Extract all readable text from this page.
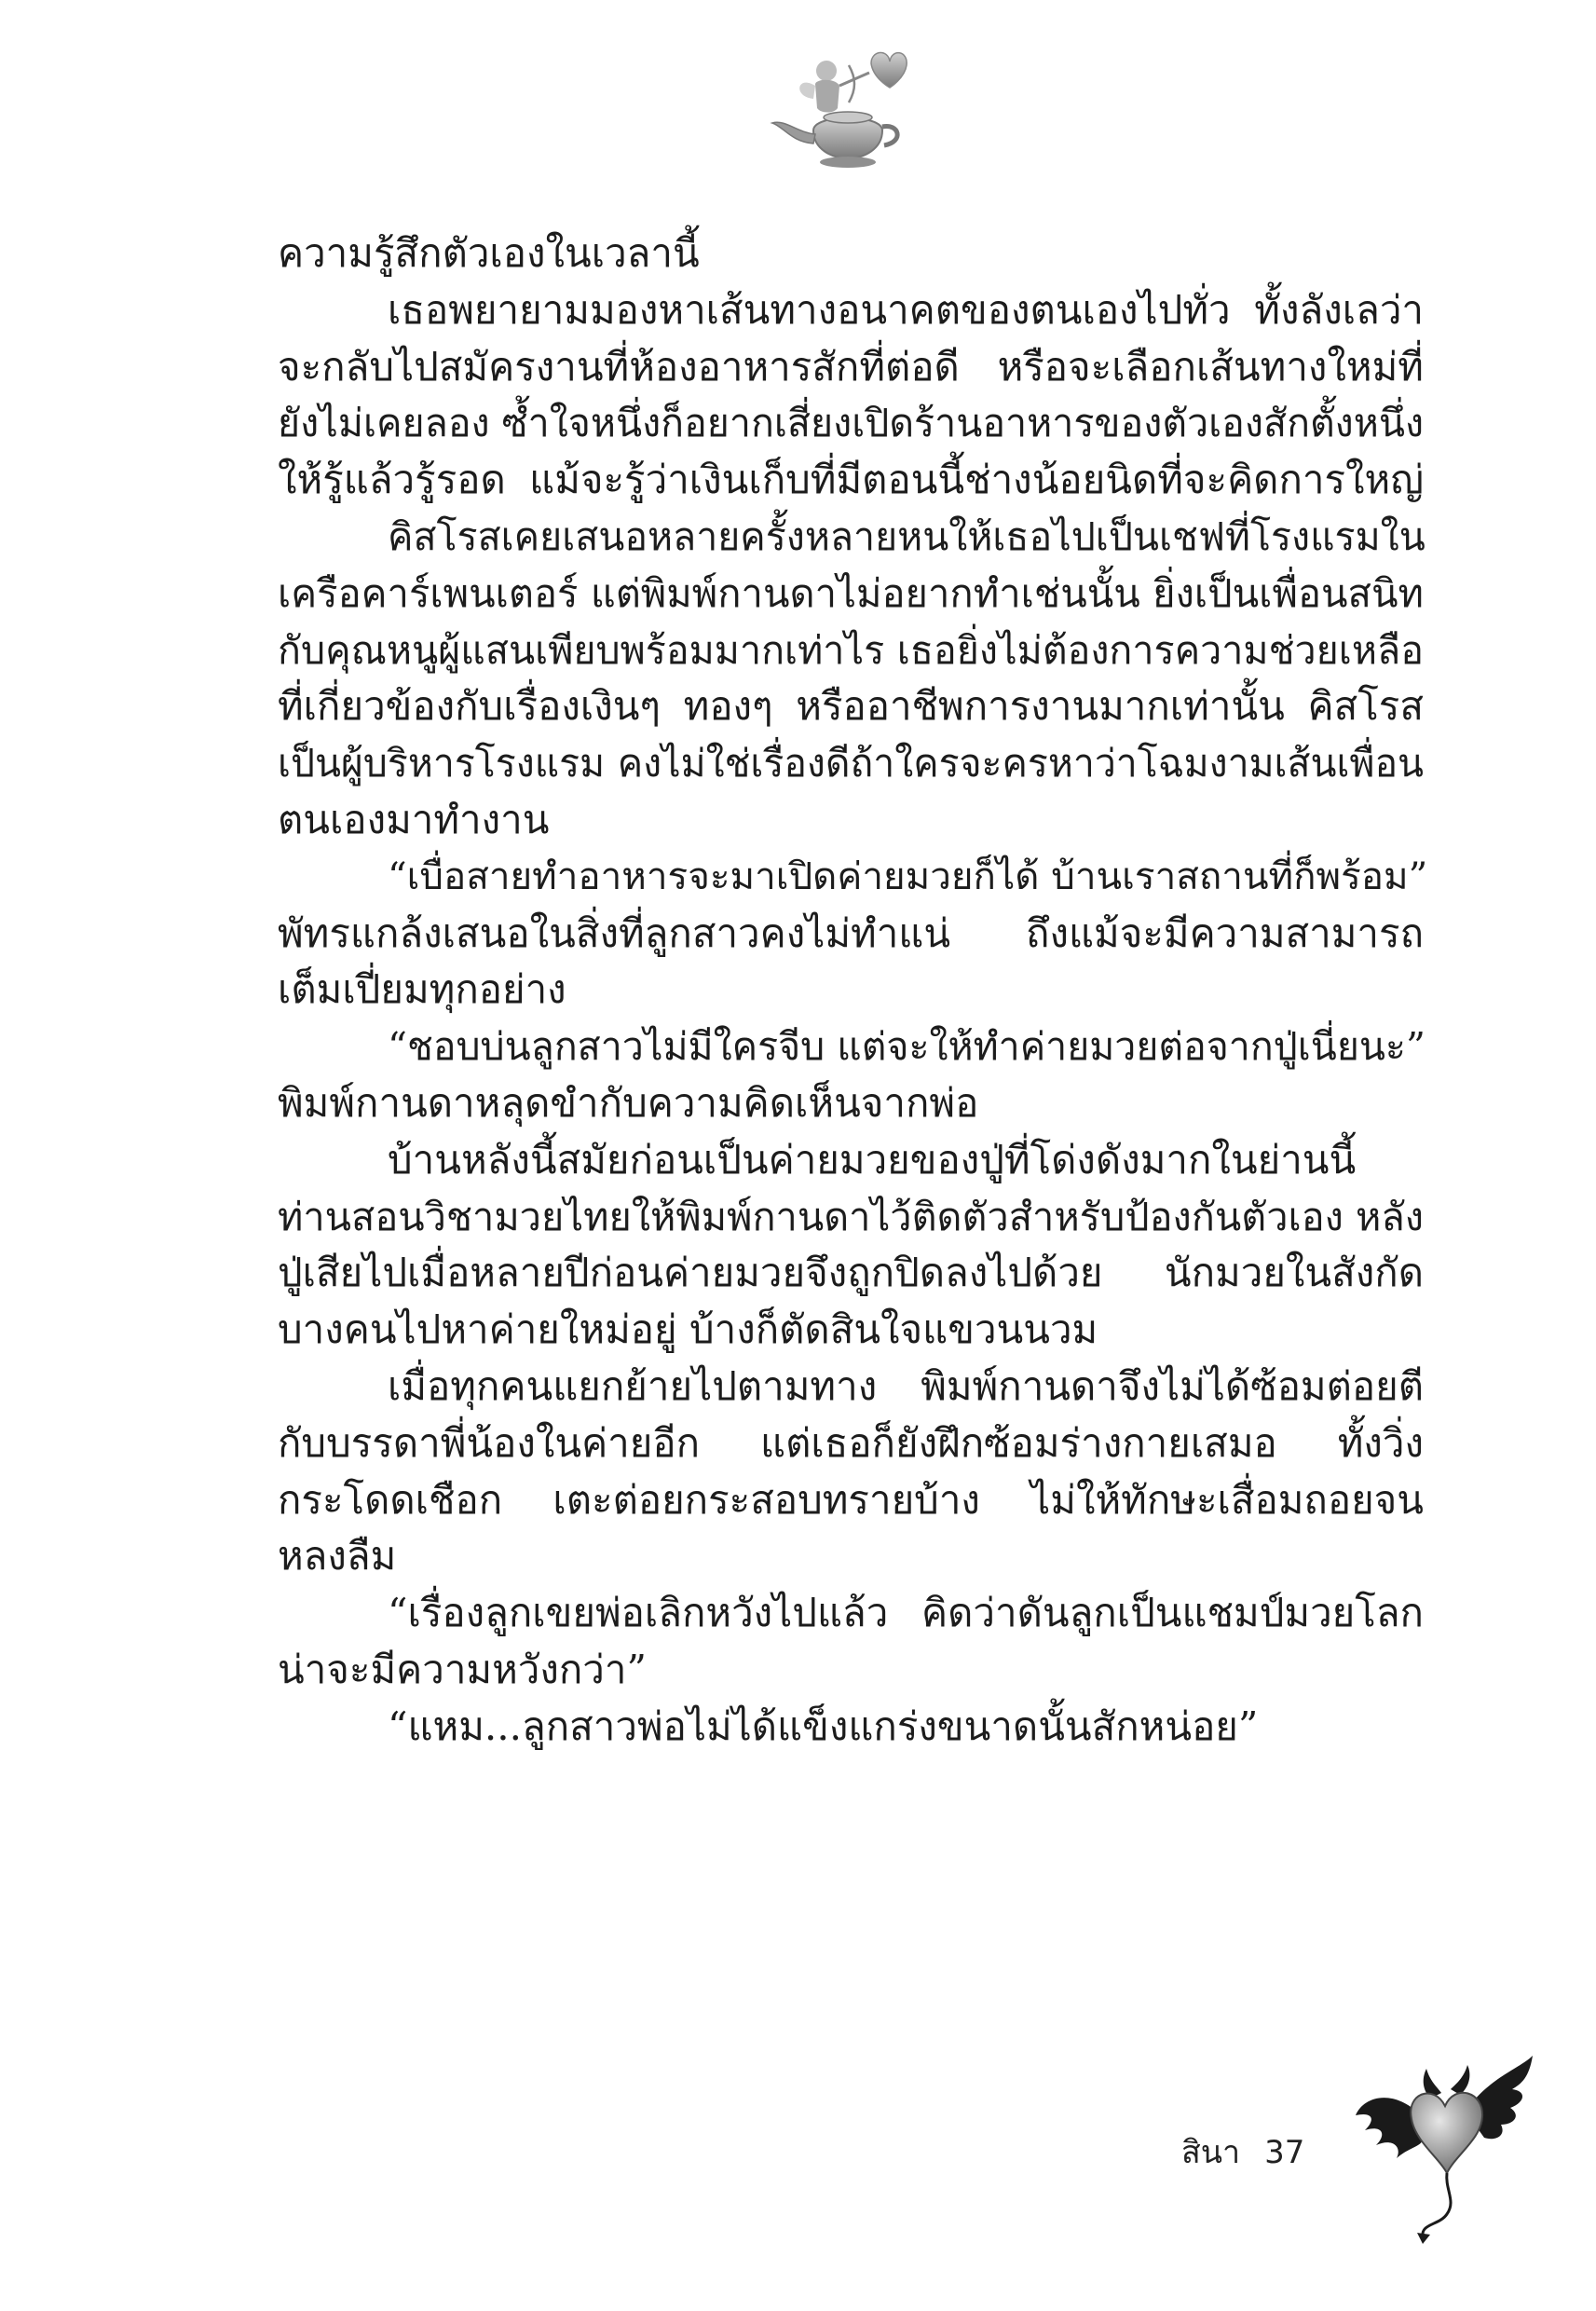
ความรู้สึกตัวเองในเวลานี้
เธอพยายามมองหาเส้นทางอนาคตของตนเองไปทั่ว ทั้งลังเลว่า
จะกลับไปสมัครงานที่ห้องอาหารสักที่ต่อดี หรือจะเลือกเส้นทางใหม่ที่
ยังไม่เคยลอง ซ้ำใจหนึ่งก็อยากเสี่ยงเปิดร้านอาหารของตัวเองสักตั้งหนึ่ง
ให้รู้แล้วรู้รอด แม้จะรู้ว่าเงินเก็บที่มีตอนนี้ช่างน้อยนิดที่จะคิดการใหญ่
คิสโรสเคยเสนอหลายครั้งหลายหนให้เธอไปเป็นเชฟที่โรงแรมใน
เครือคาร์เพนเตอร์ แต่พิมพ์กานดาไม่อยากทำเช่นนั้น ยิ่งเป็นเพื่อนสนิท
กับคุณหนูผู้แสนเพียบพร้อมมากเท่าไร เธอยิ่งไม่ต้องการความช่วยเหลือ
ที่เกี่ยวข้องกับเรื่องเงินๆ ทองๆ หรืออาชีพการงานมากเท่านั้น คิสโรส
เป็นผู้บริหารโรงแรม คงไม่ใช่เรื่องดีถ้าใครจะครหาว่าโฉมงามเส้นเพื่อน
ตนเองมาทำงาน
“เบื่อสายทำอาหารจะมาเปิดค่ายมวยก็ได้ บ้านเราสถานที่ก็พร้อม”
พัทรแกล้งเสนอในสิ่งที่ลูกสาวคงไม่ทำแน่ ถึงแม้จะมีความสามารถ
เต็มเปี่ยมทุกอย่าง
“ชอบบ่นลูกสาวไม่มีใครจีบ แต่จะให้ทำค่ายมวยต่อจากปู่เนี่ยนะ”
พิมพ์กานดาหลุดขำกับความคิดเห็นจากพ่อ
บ้านหลังนี้สมัยก่อนเป็นค่ายมวยของปู่ที่โด่งดังมากในย่านนี้
ท่านสอนวิชามวยไทยให้พิมพ์กานดาไว้ติดตัวสำหรับป้องกันตัวเอง หลัง
ปู่เสียไปเมื่อหลายปีก่อนค่ายมวยจึงถูกปิดลงไปด้วย นักมวยในสังกัด
บางคนไปหาค่ายใหม่อยู่ บ้างก็ตัดสินใจแขวนนวม
เมื่อทุกคนแยกย้ายไปตามทาง พิมพ์กานดาจึงไม่ได้ซ้อมต่อยตี
กับบรรดาพี่น้องในค่ายอีก แต่เธอก็ยังฝึกซ้อมร่างกายเสมอ ทั้งวิ่ง
กระโดดเชือก เตะต่อยกระสอบทรายบ้าง ไม่ให้ทักษะเสื่อมถอยจน
หลงลืม
“เรื่องลูกเขยพ่อเลิกหวังไปแล้ว คิดว่าดันลูกเป็นแชมป์มวยโลก
น่าจะมีความหวังกว่า”
“แหม...ลูกสาวพ่อไม่ได้แข็งแกร่งขนาดนั้นสักหน่อย”
สินา 37
